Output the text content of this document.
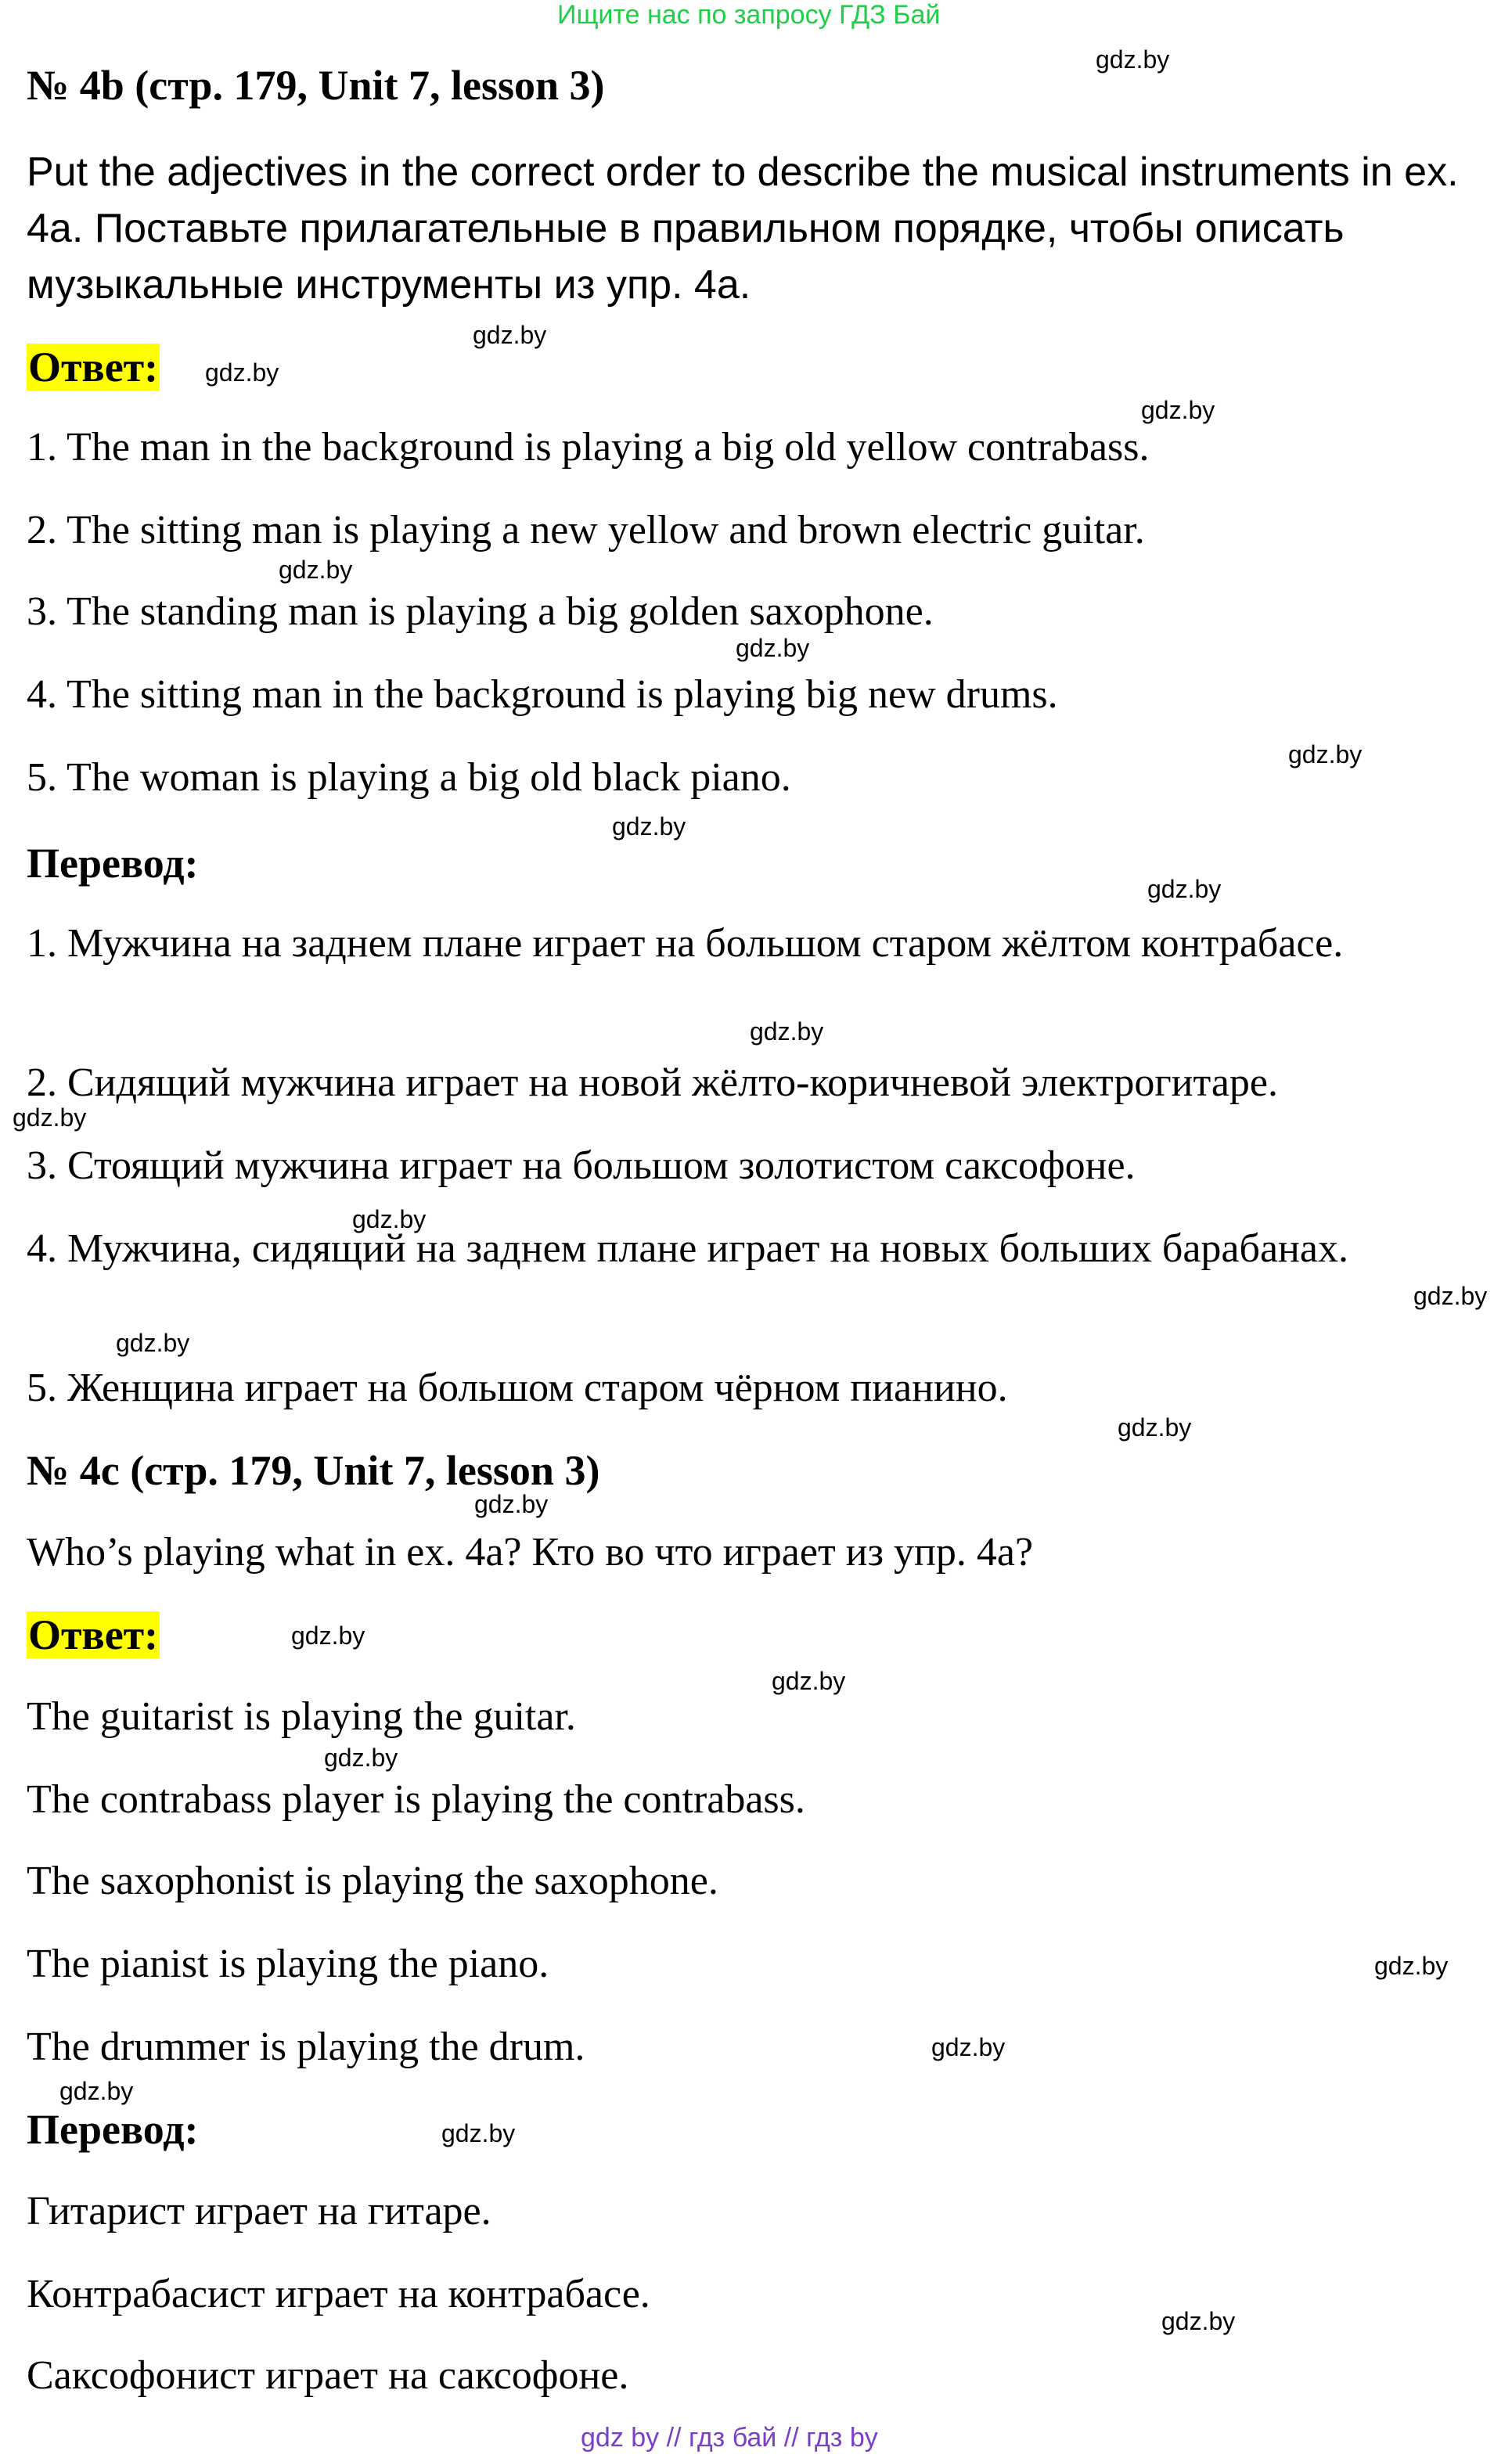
Ищите нас по запросу ГДЗ Бай
№ 4b (стр. 179, Unit 7, lesson 3)
Put the adjectives in the correct order to describe the musical instruments in ex. 4a. Поставьте прилагательные в правильном порядке, чтобы описать музыкальные инструменты из упр. 4a.
Ответ:
1. The man in the background is playing a big old yellow contrabass.
2. The sitting man is playing a new yellow and brown electric guitar.
3. The standing man is playing a big golden saxophone.
4. The sitting man in the background is playing big new drums.
5. The woman is playing a big old black piano.
Перевод:
1. Мужчина на заднем плане играет на большом старом жёлтом контрабасе.
2. Сидящий мужчина играет на новой жёлто-коричневой электрогитаре.
3. Стоящий мужчина играет на большом золотистом саксофоне.
4. Мужчина, сидящий на заднем плане играет на новых больших барабанах.
5. Женщина играет на большом старом чёрном пианино.
№ 4c (стр. 179, Unit 7, lesson 3)
Who’s playing what in ex. 4a? Кто во что играет из упр. 4a?
Ответ:
The guitarist is playing the guitar.
The contrabass player is playing the contrabass.
The saxophonist is playing the saxophone.
The pianist is playing the piano.
The drummer is playing the drum.
Перевод:
Гитарист играет на гитаре.
Контрабасист играет на контрабасе.
Саксофонист играет на саксофоне.
gdz.by
gdz.by
gdz.by
gdz.by
gdz.by
gdz.by
gdz.by
gdz.by
gdz.by
gdz.by
gdz.by
gdz.by
gdz.by
gdz.by
gdz.by
gdz.by
gdz.by
gdz.by
gdz.by
gdz.by
gdz.by
gdz.by
gdz.by
gdz.by
gdz by // гдз бай // гдз by
